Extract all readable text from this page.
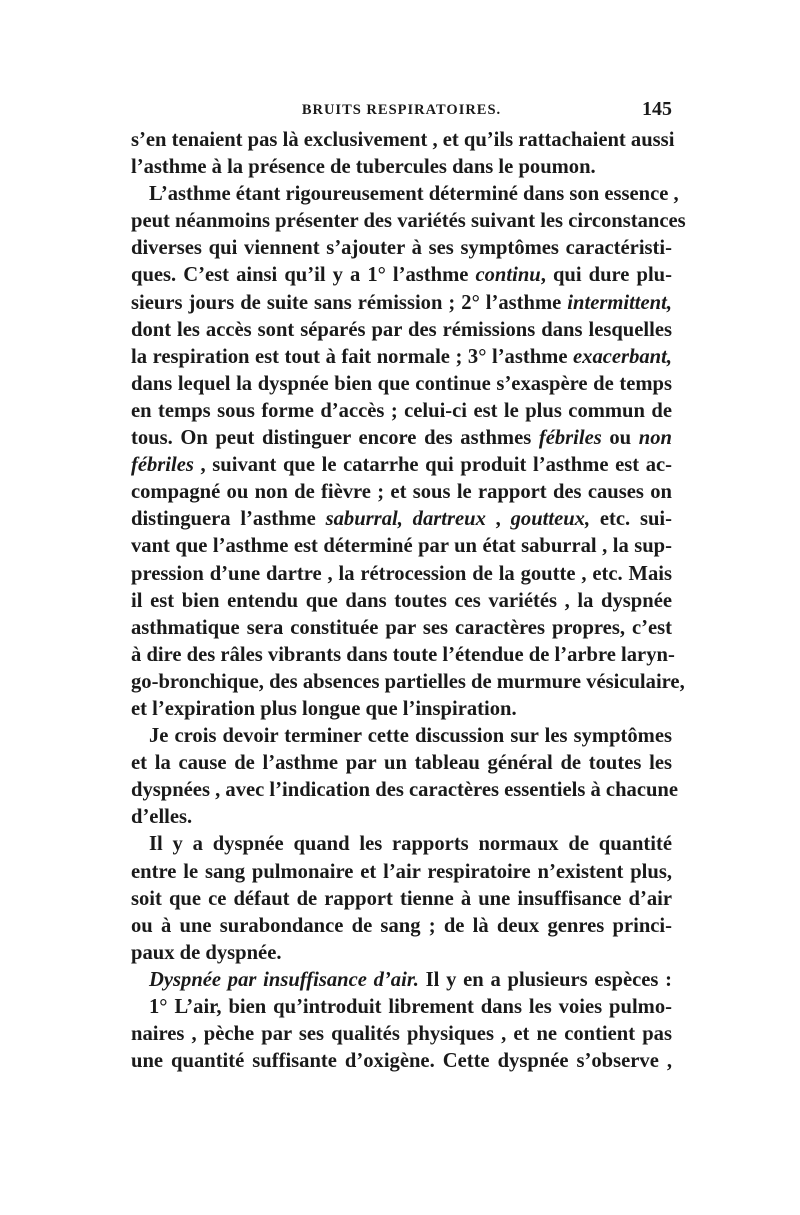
BRUITS RESPIRATOIRES.	145
s’en tenaient pas là exclusivement , et qu’ils rattachaient aussi
l’asthme à la présence de tubercules dans le poumon.
L’asthme étant rigoureusement déterminé dans son essence ,
peut néanmoins présenter des variétés suivant les circonstances
diverses qui viennent s’ajouter à ses symptômes caractéristi-
ques. C’est ainsi qu’il y a 1° l’asthme continu, qui dure plu-
sieurs jours de suite sans rémission ; 2° l’asthme intermittent,
dont les accès sont séparés par des rémissions dans lesquelles
la respiration est tout à fait normale ; 3° l’asthme exacerbant,
dans lequel la dyspnée bien que continue s’exaspère de temps
en temps sous forme d’accès ; celui-ci est le plus commun de
tous. On peut distinguer encore des asthmes fébriles ou non
fébriles , suivant que le catarrhe qui produit l’asthme est ac-
compagné ou non de fièvre ; et sous le rapport des causes on
distinguera l’asthme saburral, dartreux , goutteux, etc. sui-
vant que l’asthme est déterminé par un état saburral , la sup-
pression d’une dartre , la rétrocession de la goutte , etc. Mais
il est bien entendu que dans toutes ces variétés , la dyspnée
asthmatique sera constituée par ses caractères propres, c’est
à dire des râles vibrants dans toute l’étendue de l’arbre laryn-
go-bronchique, des absences partielles de murmure vésiculaire,
et l’expiration plus longue que l’inspiration.
Je crois devoir terminer cette discussion sur les symptômes
et la cause de l’asthme par un tableau général de toutes les
dyspnées , avec l’indication des caractères essentiels à chacune
d’elles.
Il y a dyspnée quand les rapports normaux de quantité
entre le sang pulmonaire et l’air respiratoire n’existent plus,
soit que ce défaut de rapport tienne à une insuffisance d’air
ou à une surabondance de sang ; de là deux genres princi-
paux de dyspnée.
Dyspnée par insuffisance d’air. Il y en a plusieurs espèces :
1° L’air, bien qu’introduit librement dans les voies pulmo-
naires , pèche par ses qualités physiques , et ne contient pas
une quantité suffisante d’oxigène. Cette dyspnée s’observe ,
